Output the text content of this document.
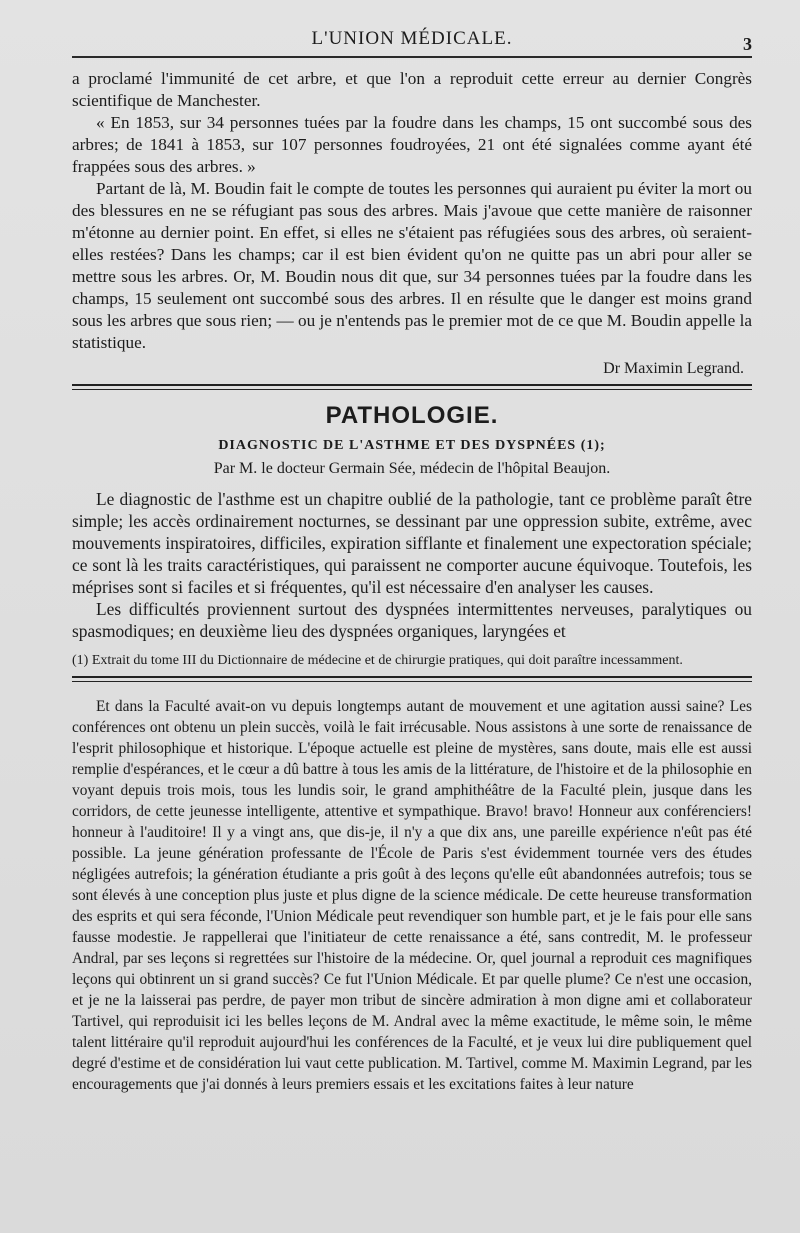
L'UNION MÉDICALE.	3

a proclamé l'immunité de cet arbre, et que l'on a reproduit cette erreur au dernier Congrès scientifique de Manchester.

« En 1853, sur 34 personnes tuées par la foudre dans les champs, 15 ont succombé sous des arbres; de 1841 à 1853, sur 107 personnes foudroyées, 21 ont été signalées comme ayant été frappées sous des arbres. »

Partant de là, M. Boudin fait le compte de toutes les personnes qui auraient pu éviter la mort ou des blessures en ne se réfugiant pas sous des arbres. Mais j'avoue que cette manière de raisonner m'étonne au dernier point. En effet, si elles ne s'étaient pas réfugiées sous des arbres, où seraient-elles restées? Dans les champs; car il est bien évident qu'on ne quitte pas un abri pour aller se mettre sous les arbres. Or, M. Boudin nous dit que, sur 34 personnes tuées par la foudre dans les champs, 15 seulement ont succombé sous des arbres. Il en résulte que le danger est moins grand sous les arbres que sous rien; — ou je n'entends pas le premier mot de ce que M. Boudin appelle la statistique.

Dr Maximin Legrand.
PATHOLOGIE.
DIAGNOSTIC DE L'ASTHME ET DES DYSPNÉES (1);
Par M. le docteur Germain Sée, médecin de l'hôpital Beaujon.

Le diagnostic de l'asthme est un chapitre oublié de la pathologie, tant ce problème paraît être simple; les accès ordinairement nocturnes, se dessinant par une oppression subite, extrême, avec mouvements inspiratoires, difficiles, expiration sifflante et finalement une expectoration spéciale; ce sont là les traits caractéristiques, qui paraissent ne comporter aucune équivoque. Toutefois, les méprises sont si faciles et si fréquentes, qu'il est nécessaire d'en analyser les causes.

Les difficultés proviennent surtout des dyspnées intermittentes nerveuses, paralytiques ou spasmodiques; en deuxième lieu des dyspnées organiques, laryngées et

(1) Extrait du tome III du Dictionnaire de médecine et de chirurgie pratiques, qui doit paraître incessamment.

Et dans la Faculté avait-on vu depuis longtemps autant de mouvement et une agitation aussi saine? Les conférences ont obtenu un plein succès, voilà le fait irrécusable. Nous assistons à une sorte de renaissance de l'esprit philosophique et historique. L'époque actuelle est pleine de mystères, sans doute, mais elle est aussi remplie d'espérances, et le cœur a dû battre à tous les amis de la littérature, de l'histoire et de la philosophie en voyant depuis trois mois, tous les lundis soir, le grand amphithéâtre de la Faculté plein, jusque dans les corridors, de cette jeunesse intelligente, attentive et sympathique. Bravo! bravo! Honneur aux conférenciers! honneur à l'auditoire! Il y a vingt ans, que dis-je, il n'y a que dix ans, une pareille expérience n'eût pas été possible. La jeune génération professante de l'École de Paris s'est évidemment tournée vers des études négligées autrefois; la génération étudiante a pris goût à des leçons qu'elle eût abandonnées autrefois; tous se sont élevés à une conception plus juste et plus digne de la science médicale. De cette heureuse transformation des esprits et qui sera féconde, l'Union Médicale peut revendiquer son humble part, et je le fais pour elle sans fausse modestie. Je rappellerai que l'initiateur de cette renaissance a été, sans contredit, M. le professeur Andral, par ses leçons si regrettées sur l'histoire de la médecine. Or, quel journal a reproduit ces magnifiques leçons qui obtinrent un si grand succès? Ce fut l'Union Médicale. Et par quelle plume? Ce n'est une occasion, et je ne la laisserai pas perdre, de payer mon tribut de sincère admiration à mon digne ami et collaborateur Tartivel, qui reproduisit ici les belles leçons de M. Andral avec la même exactitude, le même soin, le même talent littéraire qu'il reproduit aujourd'hui les conférences de la Faculté, et je veux lui dire publiquement quel degré d'estime et de considération lui vaut cette publication. M. Tartivel, comme M. Maximin Legrand, par les encouragements que j'ai donnés à leurs premiers essais et les excitations faites à leur nature
